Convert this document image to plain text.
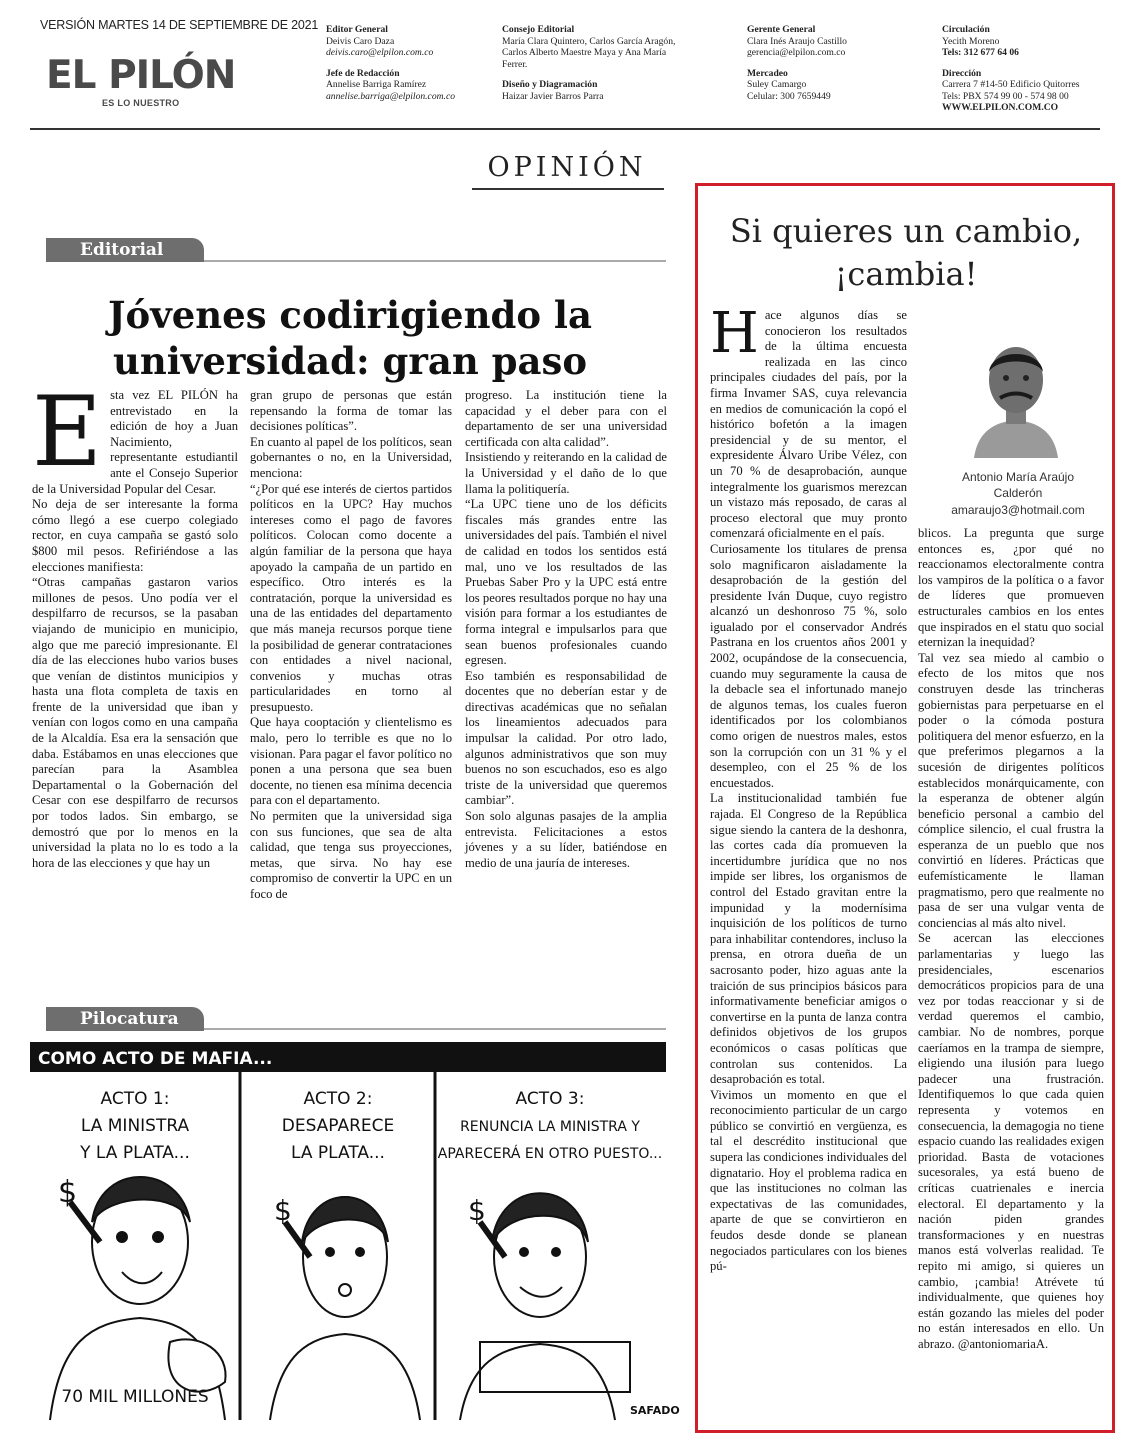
VERSIÓN MARTES 14 DE SEPTIEMBRE DE 2021
EL PILÓN
ES LO NUESTRO
Editor General
Deivis Caro Daza
deivis.caro@elpilon.com.co
Jefe de Redacción
Annelise Barriga Ramírez
annelise.barriga@elpilon.com.co
Consejo Editorial
María Clara Quintero, Carlos García Aragón,
Carlos Alberto Maestre Maya y Ana María
Ferrer.
Diseño y Diagramación
Haizar Javier Barros Parra
Gerente General
Clara Inés Araujo Castillo
gerencia@elpilon.com.co
Mercadeo
Suley Camargo
Celular: 300 7659449
Circulación
Yecith Moreno
Tels: 312 677 64 06
Dirección
Carrera 7 #14-50 Edificio Quitorres
Tels: PBX 574 99 00 - 574 98 00
WWW.ELPILON.COM.CO
OPINIÓN
Editorial
Jóvenes codirigiendo la
universidad: gran paso
E sta vez EL PILÓN ha entrevistado en la edición de hoy a Juan Nacimiento, representante estudiantil ante el Consejo Superior de la Universidad Popular del Cesar.

No deja de ser interesante la forma cómo llegó a ese cuerpo colegiado rector, en cuya campaña se gastó solo $800 mil pesos. Refiriéndose a las elecciones manifiesta:

“Otras campañas gastaron varios millones de pesos. Uno podía ver el despilfarro de recursos, se la pasaban viajando de municipio en municipio, algo que me pareció impresionante. El día de las elecciones hubo varios buses que venían de distintos municipios y hasta una flota completa de taxis en frente de la universidad que iban y venían con logos como en una campaña de la Alcaldía. Esa era la sensación que daba. Estábamos en unas elecciones que parecían para la Asamblea Departamental o la Gobernación del Cesar con ese despilfarro de recursos por todos lados. Sin embargo, se demostró que por lo menos en la universidad la plata no lo es todo a la hora de las elecciones y que hay un

gran grupo de personas que están repensando la forma de tomar las decisiones políticas”.

En cuanto al papel de los políticos, sean gobernantes o no, en la Universidad, menciona:

“¿Por qué ese interés de ciertos partidos políticos en la UPC? Hay muchos intereses como el pago de favores políticos. Colocan como docente a algún familiar de la persona que haya apoyado la campaña de un partido en específico. Otro interés es la contratación, porque la universidad es una de las entidades del departamento que más maneja recursos porque tiene la posibilidad de generar contrataciones con entidades a nivel nacional, convenios y muchas otras particularidades en torno al presupuesto.

Que haya cooptación y clientelismo es malo, pero lo terrible es que no lo visionan. Para pagar el favor político no ponen a una persona que sea buen docente, no tienen esa mínima decencia para con el departamento.

No permiten que la universidad siga con sus funciones, que sea de alta calidad, que tenga sus proyecciones, metas, que sirva. No hay ese compromiso de convertir la UPC en un foco de

progreso. La institución tiene la capacidad y el deber para con el departamento de ser una universidad certificada con alta calidad”.

Insistiendo y reiterando en la calidad de la Universidad y el daño de lo que llama la politiquería.

“La UPC tiene uno de los déficits fiscales más grandes entre las universidades del país. También el nivel de calidad en todos los sentidos está mal, uno ve los resultados de las Pruebas Saber Pro y la UPC está entre los peores resultados porque no hay una visión para formar a los estudiantes de forma integral e impulsarlos para que sean buenos profesionales cuando egresen.

Eso también es responsabilidad de docentes que no deberían estar y de directivas académicas que no señalan los lineamientos adecuados para impulsar la calidad. Por otro lado, algunos administrativos que son muy buenos no son escuchados, eso es algo triste de la universidad que queremos cambiar”.

Son solo algunas pasajes de la amplia entrevista. Felicitaciones a estos jóvenes y a su líder, batiéndose en medio de una jauría de intereses.

Pilocatura
COMO ACTO DE MAFIA...
ACTO 1:
LA MINISTRA
Y LA PLATA...
ACTO 2:
DESAPARECE
LA PLATA...
ACTO 3:
RENUNCIA LA MINISTRA Y
APARECERÁ EN OTRO PUESTO...
$
70 MIL MILLONES
$	$
SAFADO
Si quieres un cambio,
¡cambia!
Antonio María Araújo
Calderón
amaraujo3@hotmail.com
H ace algunos días se conocieron los resultados de la última encuesta realizada en las cinco principales ciudades del país, por la firma Invamer SAS, cuya relevancia en medios de comunicación la copó el histórico bofetón a la imagen presidencial y de su mentor, el expresidente Álvaro Uribe Vélez, con un 70 % de desaprobación, aunque integralmente los guarismos merezcan un vistazo más reposado, de caras al proceso electoral que muy pronto comenzará oficialmente en el país.

Curiosamente los titulares de prensa solo magnificaron aisladamente la desaprobación de la gestión del presidente Iván Duque, cuyo registro alcanzó un deshonroso 75 %, solo igualado por el conservador Andrés Pastrana en los cruentos años 2001 y 2002, ocupándose de la consecuencia, cuando muy seguramente la causa de la debacle sea el infortunado manejo de algunos temas, los cuales fueron identificados por los colombianos como origen de nuestros males, estos son la corrupción con un 31 % y el desempleo, con el 25 % de los encuestados.

La institucionalidad también fue rajada. El Congreso de la República sigue siendo la cantera de la deshonra, las cortes cada día promueven la incertidumbre jurídica que no nos impide ser libres, los organismos de control del Estado gravitan entre la impunidad y la modernísima inquisición de los políticos de turno para inhabilitar contendores, incluso la prensa, en otrora dueña de un sacrosanto poder, hizo aguas ante la traición de sus principios básicos para informativamente beneficiar amigos o convertirse en la punta de lanza contra definidos objetivos de los grupos económicos o casas políticas que controlan sus contenidos. La desaprobación es total.

Vivimos un momento en que el reconocimiento particular de un cargo público se convirtió en vergüenza, es tal el descrédito institucional que supera las condiciones individuales del dignatario. Hoy el problema radica en que las instituciones no colman las expectativas de las comunidades, aparte de que se convirtieron en feudos desde donde se planean negociados particulares con los bienes pú-

blicos. La pregunta que surge entonces es, ¿por qué no reaccionamos electoralmente contra los vampiros de la política o a favor de líderes que promueven estructurales cambios en los entes que inspirados en el statu quo social eternizan la inequidad?

Tal vez sea miedo al cambio o efecto de los mitos que nos construyen desde las trincheras gobiernistas para perpetuarse en el poder o la cómoda postura politiquera del menor esfuerzo, en la que preferimos plegarnos a la sucesión de dirigentes políticos establecidos monárquicamente, con la esperanza de obtener algún beneficio personal a cambio del cómplice silencio, el cual frustra la esperanza de un pueblo que nos convirtió en líderes. Prácticas que eufemísticamente le llaman pragmatismo, pero que realmente no pasa de ser una vulgar venta de conciencias al más alto nivel.

Se acercan las elecciones parlamentarias y luego las presidenciales, escenarios democráticos propicios para de una vez por todas reaccionar y si de verdad queremos el cambio, cambiar. No de nombres, porque caeríamos en la trampa de siempre, eligiendo una ilusión para luego padecer una frustración. Identifiquemos lo que cada quien representa y votemos en consecuencia, la demagogia no tiene espacio cuando las realidades exigen prioridad. Basta de votaciones sucesorales, ya está bueno de críticas cuatrienales e inercia electoral. El departamento y la nación piden grandes transformaciones y en nuestras manos está volverlas realidad. Te repito mi amigo, si quieres un cambio, ¡cambia! Atrévete tú individualmente, que quienes hoy están gozando las mieles del poder no están interesados en ello. Un abrazo. @antoniomariaA.
